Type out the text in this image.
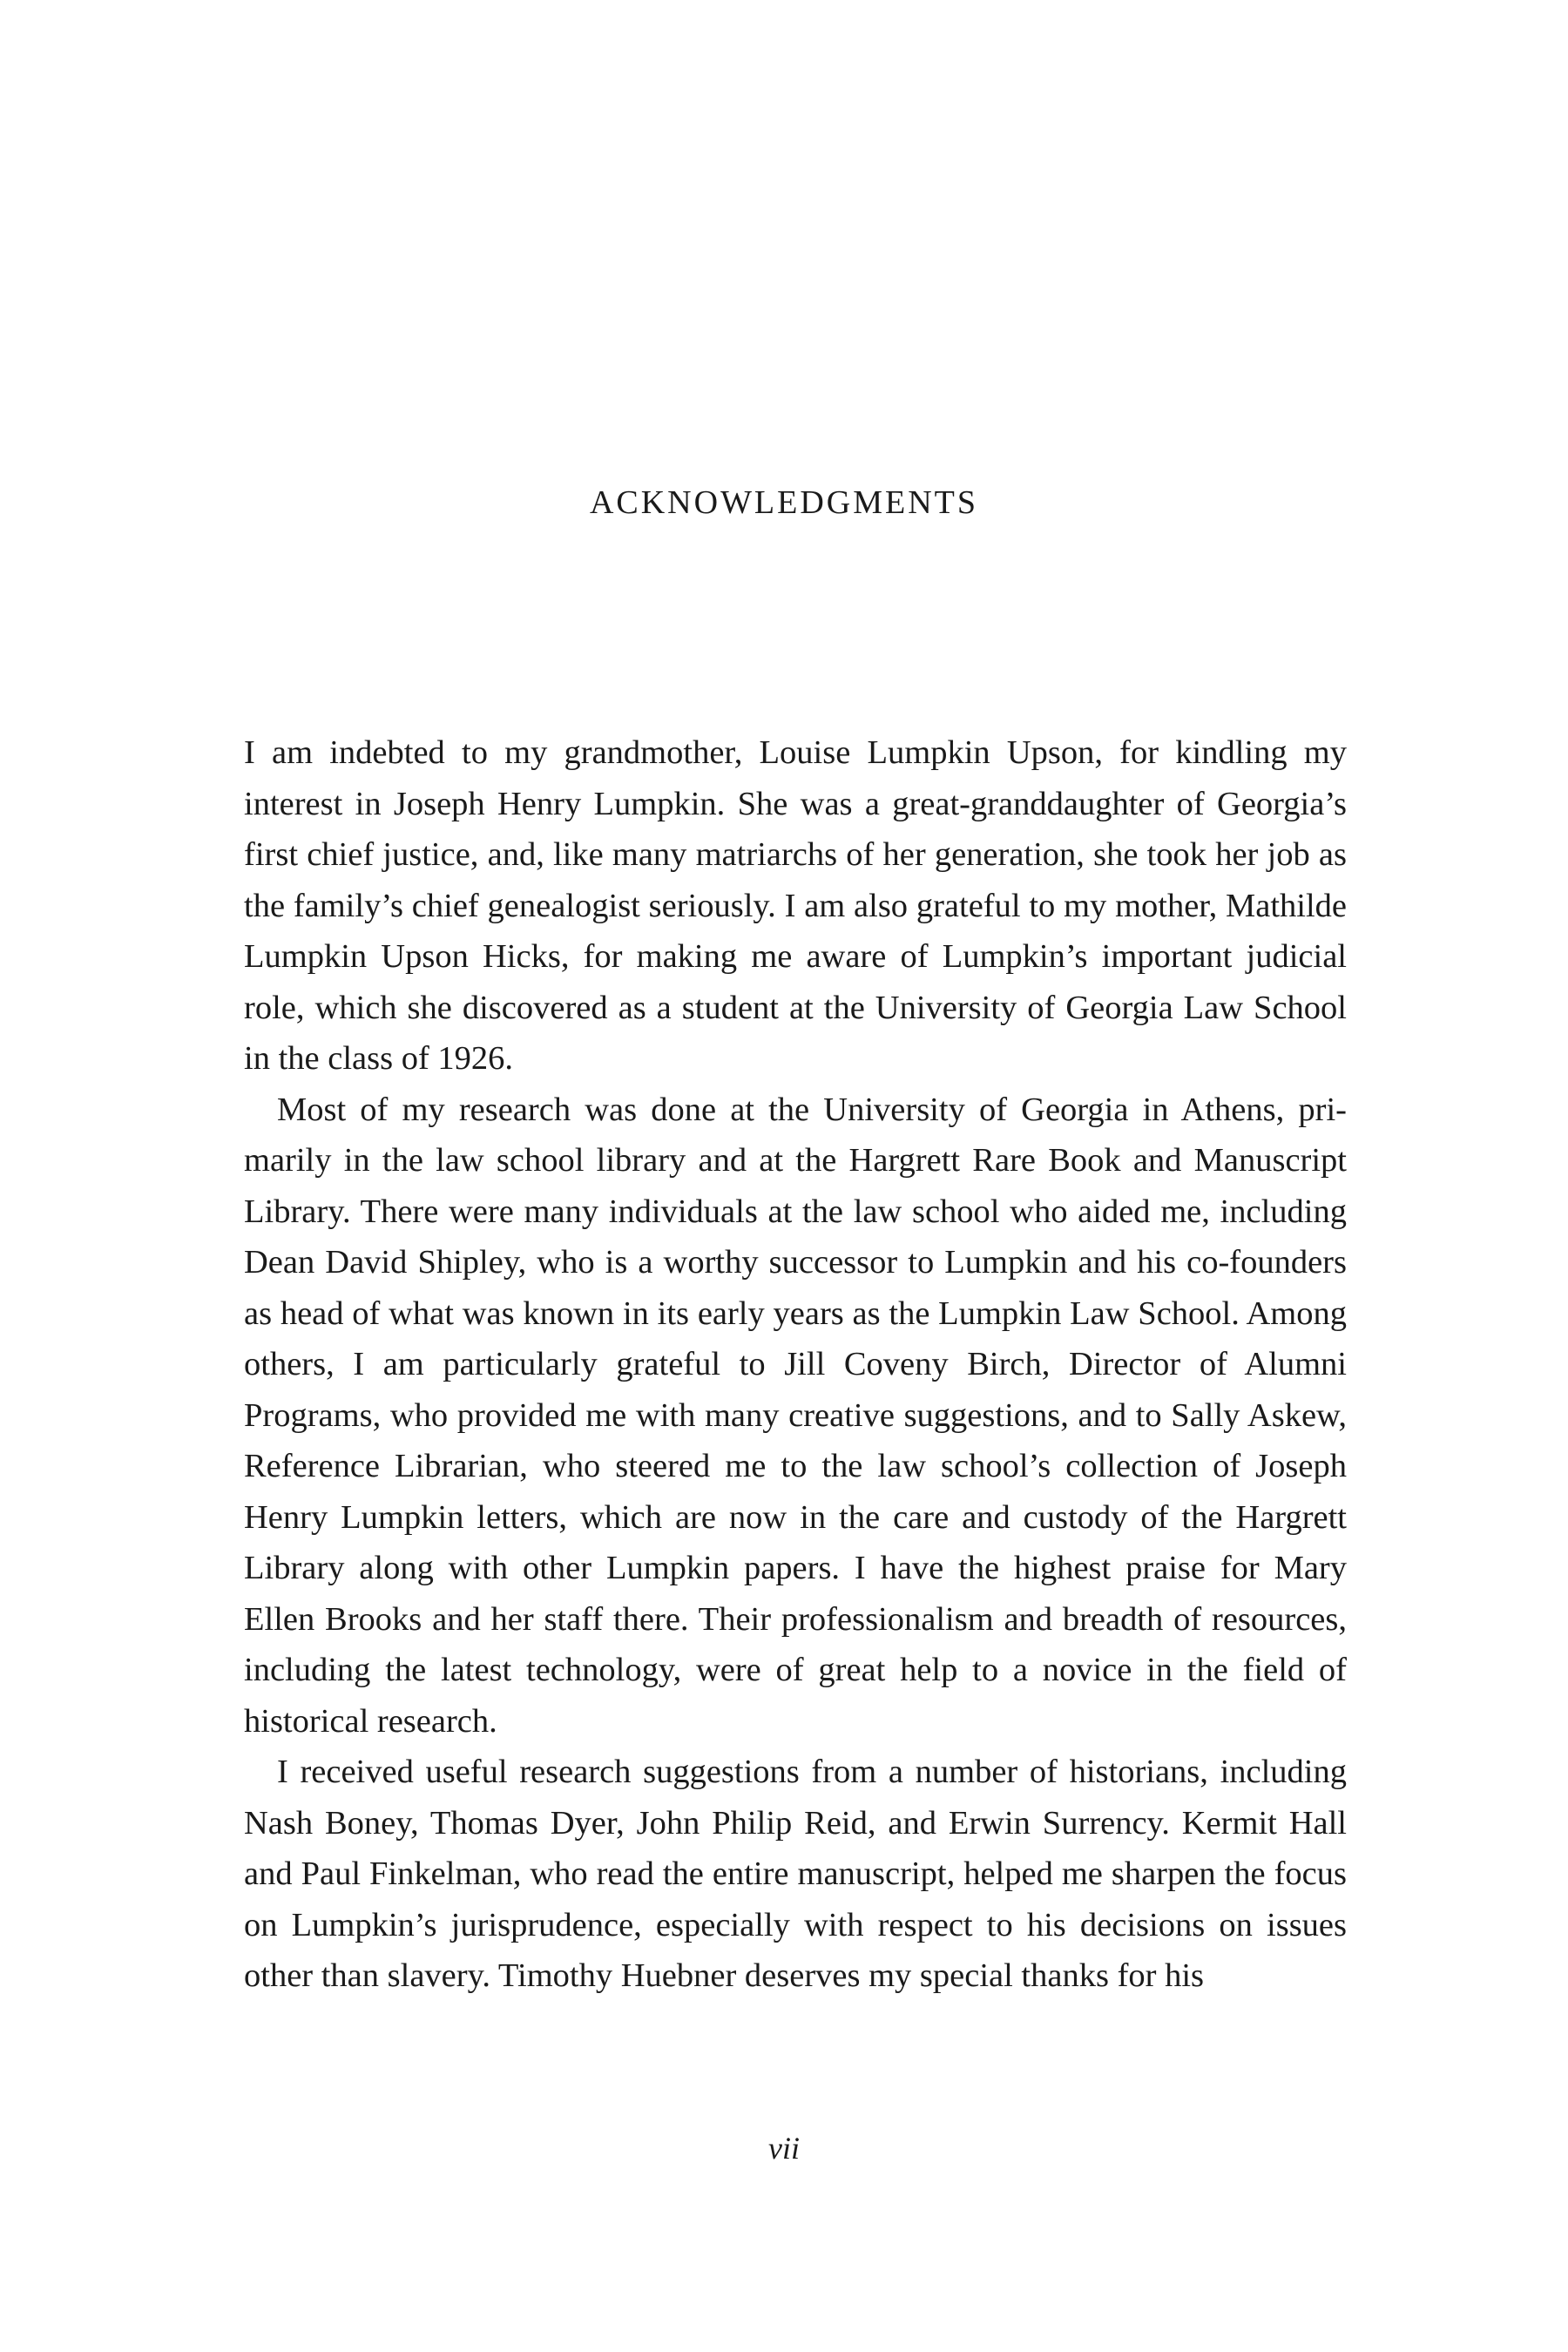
ACKNOWLEDGMENTS

I am indebted to my grandmother, Louise Lumpkin Upson, for kindling my interest in Joseph Henry Lumpkin. She was a great-granddaughter of Georgia’s first chief justice, and, like many matriarchs of her generation, she took her job as the family’s chief genealogist seriously. I am also grateful to my mother, Mathilde Lumpkin Upson Hicks, for making me aware of Lumpkin’s important judicial role, which she discovered as a student at the University of Georgia Law School in the class of 1926.

Most of my research was done at the University of Georgia in Athens, primarily in the law school library and at the Hargrett Rare Book and Manuscript Library. There were many individuals at the law school who aided me, including Dean David Shipley, who is a worthy successor to Lumpkin and his co-founders as head of what was known in its early years as the Lumpkin Law School. Among others, I am particularly grateful to Jill Coveny Birch, Director of Alumni Programs, who provided me with many creative suggestions, and to Sally Askew, Reference Librarian, who steered me to the law school’s collection of Joseph Henry Lumpkin letters, which are now in the care and custody of the Hargrett Library along with other Lumpkin papers. I have the highest praise for Mary Ellen Brooks and her staff there. Their professionalism and breadth of resources, including the latest technology, were of great help to a novice in the field of historical research.

I received useful research suggestions from a number of historians, including Nash Boney, Thomas Dyer, John Philip Reid, and Erwin Surrency. Kermit Hall and Paul Finkelman, who read the entire manuscript, helped me sharpen the focus on Lumpkin’s jurisprudence, especially with respect to his decisions on issues other than slavery. Timothy Huebner deserves my special thanks for his

vii
